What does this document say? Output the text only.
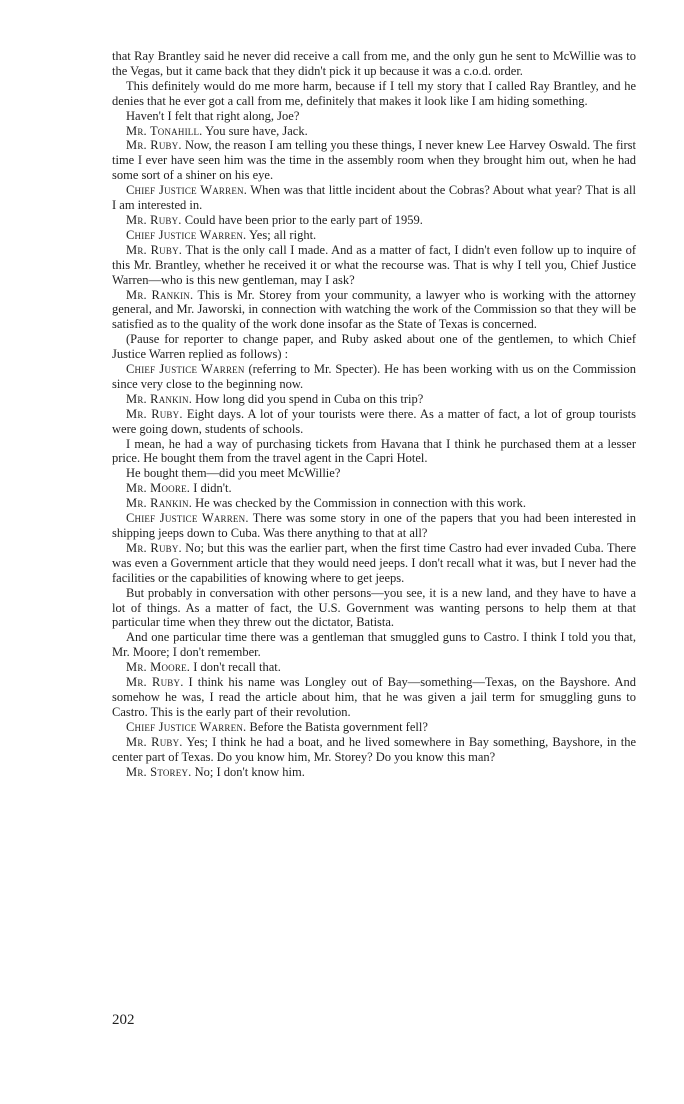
that Ray Brantley said he never did receive a call from me, and the only gun he sent to McWillie was to the Vegas, but it came back that they didn't pick it up because it was a c.o.d. order.

This definitely would do me more harm, because if I tell my story that I called Ray Brantley, and he denies that he ever got a call from me, definitely that makes it look like I am hiding something.

Haven't I felt that right along, Joe?

Mr. Tonahill. You sure have, Jack.

Mr. Ruby. Now, the reason I am telling you these things, I never knew Lee Harvey Oswald. The first time I ever have seen him was the time in the assembly room when they brought him out, when he had some sort of a shiner on his eye.

Chief Justice Warren. When was that little incident about the Cobras? About what year? That is all I am interested in.

Mr. Ruby. Could have been prior to the early part of 1959.

Chief Justice Warren. Yes; all right.

Mr. Ruby. That is the only call I made. And as a matter of fact, I didn't even follow up to inquire of this Mr. Brantley, whether he received it or what the recourse was. That is why I tell you, Chief Justice Warren—who is this new gentleman, may I ask?

Mr. Rankin. This is Mr. Storey from your community, a lawyer who is working with the attorney general, and Mr. Jaworski, in connection with watching the work of the Commission so that they will be satisfied as to the quality of the work done insofar as the State of Texas is concerned.

(Pause for reporter to change paper, and Ruby asked about one of the gentlemen, to which Chief Justice Warren replied as follows) :

Chief Justice Warren (referring to Mr. Specter). He has been working with us on the Commission since very close to the beginning now.

Mr. Rankin. How long did you spend in Cuba on this trip?

Mr. Ruby. Eight days. A lot of your tourists were there. As a matter of fact, a lot of group tourists were going down, students of schools.

I mean, he had a way of purchasing tickets from Havana that I think he purchased them at a lesser price. He bought them from the travel agent in the Capri Hotel.

He bought them—did you meet McWillie?

Mr. Moore. I didn't.

Mr. Rankin. He was checked by the Commission in connection with this work.

Chief Justice Warren. There was some story in one of the papers that you had been interested in shipping jeeps down to Cuba. Was there anything to that at all?

Mr. Ruby. No; but this was the earlier part, when the first time Castro had ever invaded Cuba. There was even a Government article that they would need jeeps. I don't recall what it was, but I never had the facilities or the capabilities of knowing where to get jeeps.

But probably in conversation with other persons—you see, it is a new land, and they have to have a lot of things. As a matter of fact, the U.S. Government was wanting persons to help them at that particular time when they threw out the dictator, Batista.

And one particular time there was a gentleman that smuggled guns to Castro. I think I told you that, Mr. Moore; I don't remember.

Mr. Moore. I don't recall that.

Mr. Ruby. I think his name was Longley out of Bay—something—Texas, on the Bayshore. And somehow he was, I read the article about him, that he was given a jail term for smuggling guns to Castro. This is the early part of their revolution.

Chief Justice Warren. Before the Batista government fell?

Mr. Ruby. Yes; I think he had a boat, and he lived somewhere in Bay something, Bayshore, in the center part of Texas. Do you know him, Mr. Storey? Do you know this man?

Mr. Storey. No; I don't know him.

202
